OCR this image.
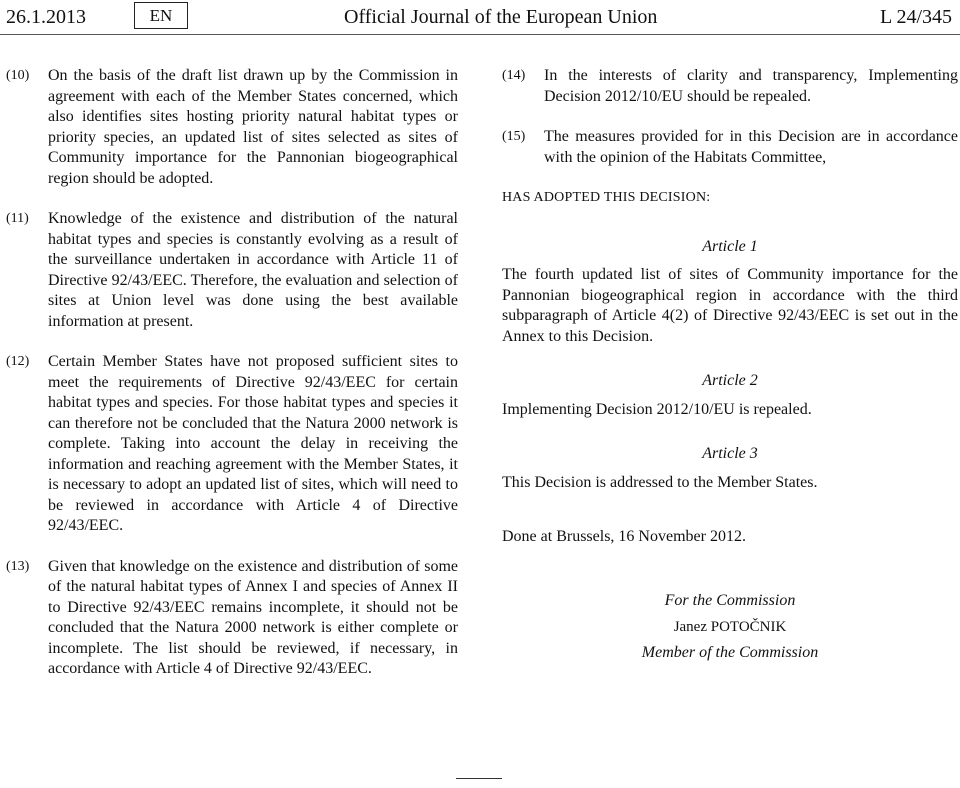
26.1.2013	EN	Official Journal of the European Union	L 24/345
(10)	On the basis of the draft list drawn up by the Commission in agreement with each of the Member States concerned, which also identifies sites hosting priority natural habitat types or priority species, an updated list of sites selected as sites of Community importance for the Pannonian biogeographical region should be adopted.
(11)	Knowledge of the existence and distribution of the natural habitat types and species is constantly evolving as a result of the surveillance undertaken in accordance with Article 11 of Directive 92/43/EEC. Therefore, the evaluation and selection of sites at Union level was done using the best available information at present.
(12)	Certain Member States have not proposed sufficient sites to meet the requirements of Directive 92/43/EEC for certain habitat types and species. For those habitat types and species it can therefore not be concluded that the Natura 2000 network is complete. Taking into account the delay in receiving the information and reaching agreement with the Member States, it is necessary to adopt an updated list of sites, which will need to be reviewed in accordance with Article 4 of Directive 92/43/EEC.
(13)	Given that knowledge on the existence and distribution of some of the natural habitat types of Annex I and species of Annex II to Directive 92/43/EEC remains incomplete, it should not be concluded that the Natura 2000 network is either complete or incomplete. The list should be reviewed, if necessary, in accordance with Article 4 of Directive 92/43/EEC.
(14)	In the interests of clarity and transparency, Implementing Decision 2012/10/EU should be repealed.
(15)	The measures provided for in this Decision are in accordance with the opinion of the Habitats Committee,
HAS ADOPTED THIS DECISION:
Article 1
The fourth updated list of sites of Community importance for the Pannonian biogeographical region in accordance with the third subparagraph of Article 4(2) of Directive 92/43/EEC is set out in the Annex to this Decision.
Article 2
Implementing Decision 2012/10/EU is repealed.
Article 3
This Decision is addressed to the Member States.
Done at Brussels, 16 November 2012.
For the Commission
Janez POTOČNIK
Member of the Commission
